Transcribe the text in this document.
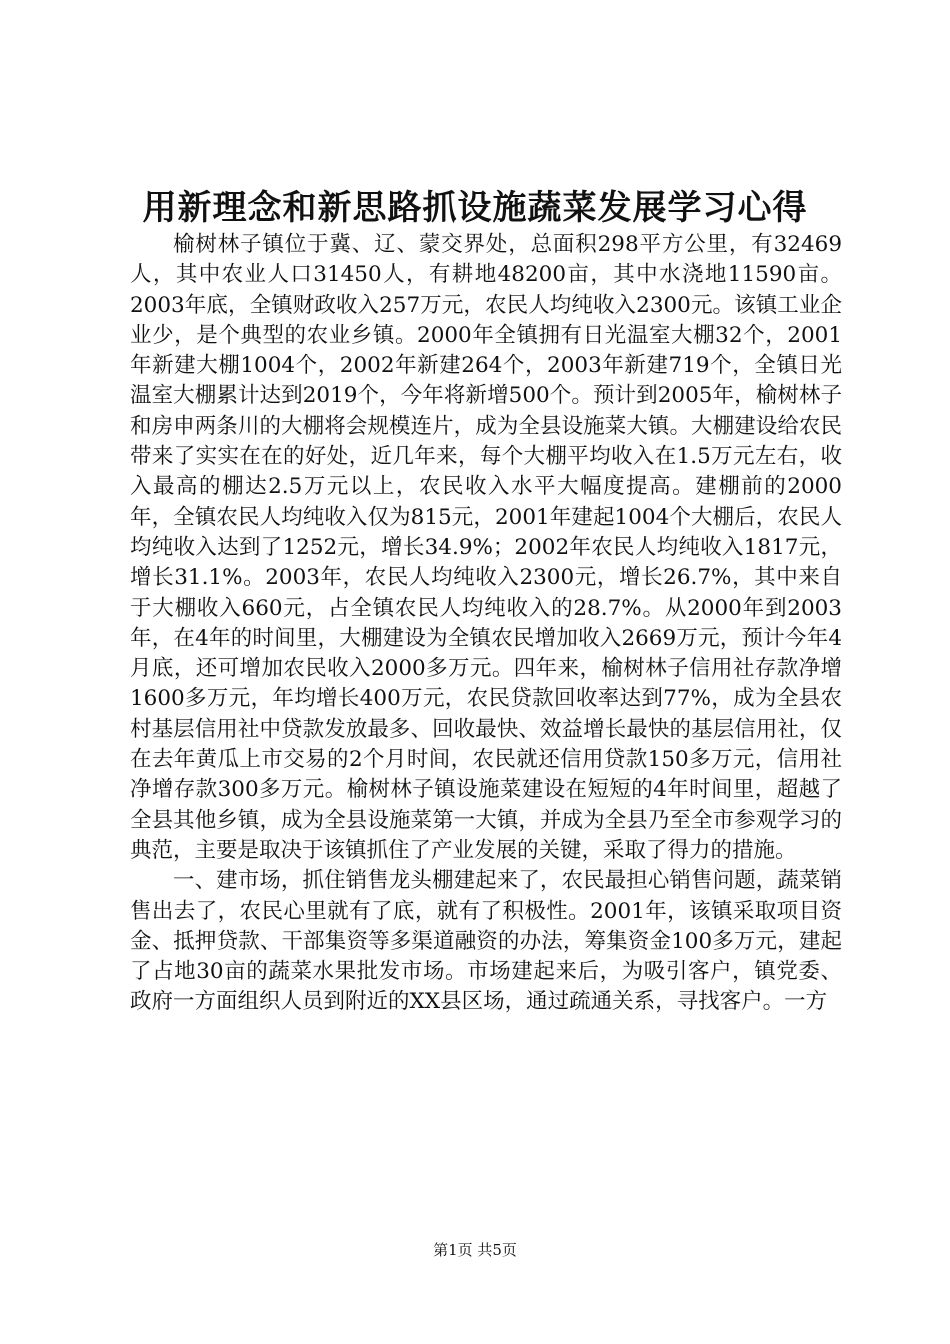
用新理念和新思路抓设施蔬菜发展学习心得

榆树林子镇位于冀、辽、蒙交界处，总面积298平方公里，有32469人，其中农业人口31450人，有耕地48200亩，其中水浇地11590亩。2003年底，全镇财政收入257万元，农民人均纯收入2300元。该镇工业企业少，是个典型的农业乡镇。2000年全镇拥有日光温室大棚32个，2001年新建大棚1004个，2002年新建264个，2003年新建719个，全镇日光温室大棚累计达到2019个，今年将新增500个。预计到2005年，榆树林子和房申两条川的大棚将会规模连片，成为全县设施菜大镇。大棚建设给农民带来了实实在在的好处，近几年来，每个大棚平均收入在1.5万元左右，收入最高的棚达2.5万元以上，农民收入水平大幅度提高。建棚前的2000年，全镇农民人均纯收入仅为815元，2001年建起1004个大棚后，农民人均纯收入达到了1252元，增长34.9%；2002年农民人均纯收入1817元，增长31.1%。2003年，农民人均纯收入2300元，增长26.7%，其中来自于大棚收入660元，占全镇农民人均纯收入的28.7%。从2000年到2003年，在4年的时间里，大棚建设为全镇农民增加收入2669万元，预计今年4月底，还可增加农民收入2000多万元。四年来，榆树林子信用社存款净增1600多万元，年均增长400万元，农民贷款回收率达到77%，成为全县农村基层信用社中贷款发放最多、回收最快、效益增长最快的基层信用社，仅在去年黄瓜上市交易的2个月时间，农民就还信用贷款150多万元，信用社净增存款300多万元。榆树林子镇设施菜建设在短短的4年时间里，超越了全县其他乡镇，成为全县设施菜第一大镇，并成为全县乃至全市参观学习的典范，主要是取决于该镇抓住了产业发展的关键，采取了得力的措施。

一、建市场，抓住销售龙头棚建起来了，农民最担心销售问题，蔬菜销售出去了，农民心里就有了底，就有了积极性。2001年，该镇采取项目资金、抵押贷款、干部集资等多渠道融资的办法，筹集资金100多万元，建起了占地30亩的蔬菜水果批发市场。市场建起来后，为吸引客户，镇党委、政府一方面组织人员到附近的XX县区场，通过疏通关系，寻找客户。一方

第1页 共5页
